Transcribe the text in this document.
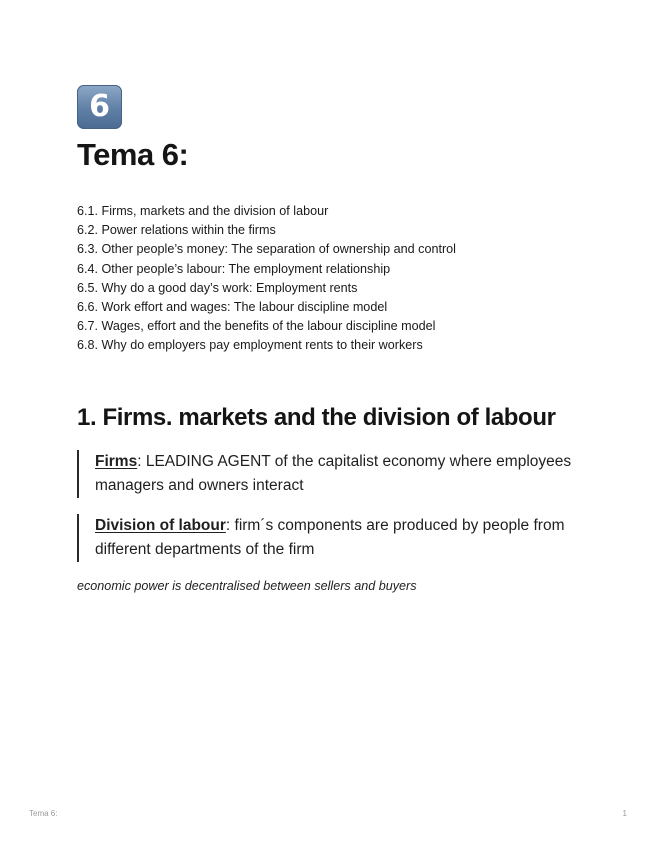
6
Tema 6:
6.1. Firms, markets and the division of labour
6.2. Power relations within the firms
6.3. Other people’s money: The separation of ownership and control
6.4. Other people’s labour: The employment relationship
6.5. Why do a good day’s work: Employment rents
6.6. Work effort and wages: The labour discipline model
6.7. Wages, effort and the benefits of the labour discipline model
6.8. Why do employers pay employment rents to their workers
1. Firms. markets and the division of labour
Firms: LEADING AGENT of the capitalist economy where employees managers and owners interact
Division of labour: firm´s components are produced by people from different departments of the firm

economic power is decentralised between sellers and buyers

Tema 6:	1
